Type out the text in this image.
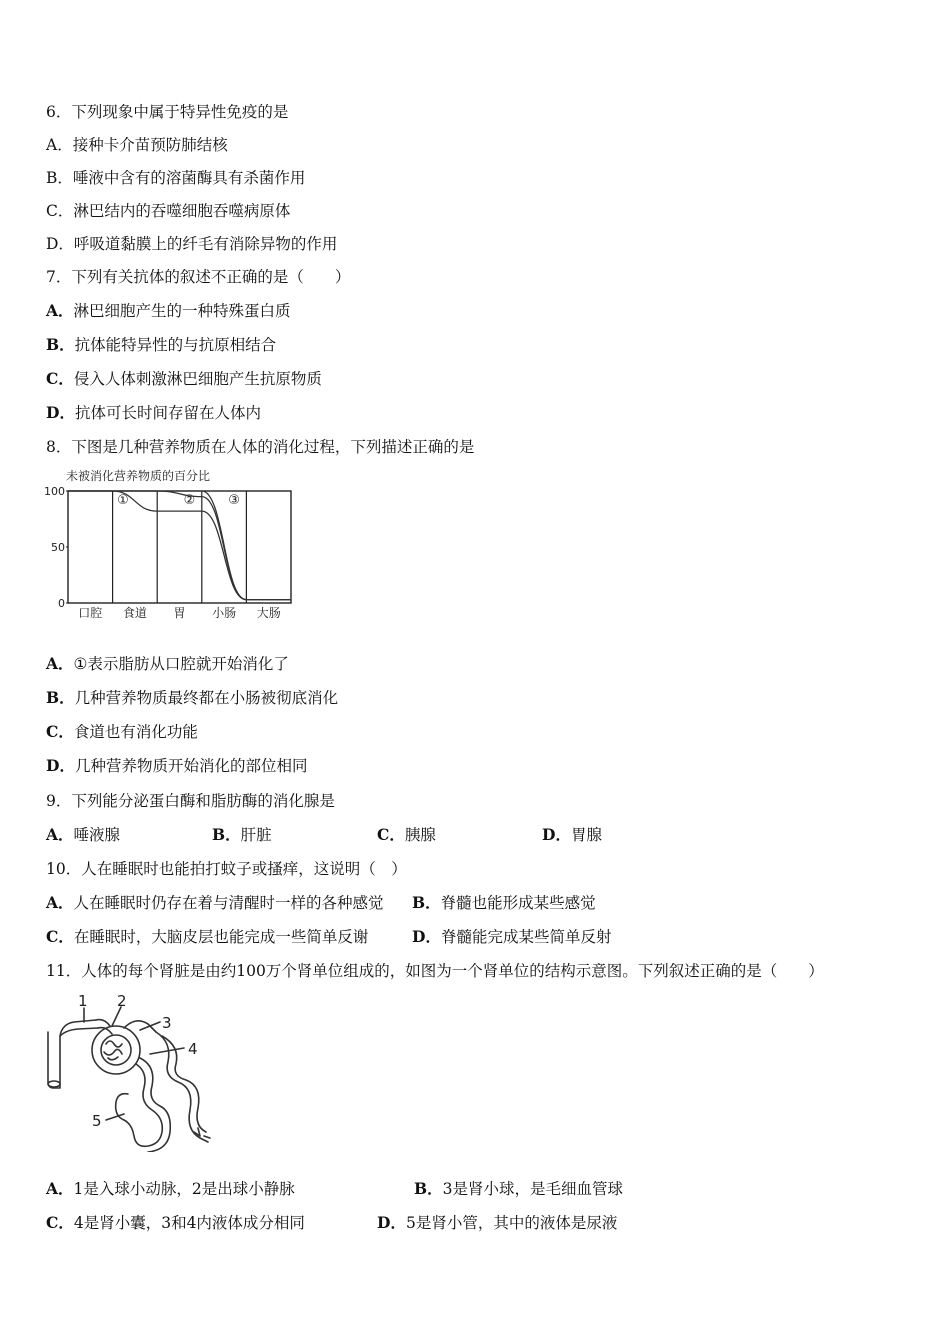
6．下列现象中属于特异性免疫的是
A．接种卡介苗预防肺结核
B．唾液中含有的溶菌酶具有杀菌作用
C．淋巴结内的吞噬细胞吞噬病原体
D．呼吸道黏膜上的纤毛有消除异物的作用
7．下列有关抗体的叙述不正确的是（　　）
A．淋巴细胞产生的一种特殊蛋白质
B．抗体能特异性的与抗原相结合
C．侵入人体刺激淋巴细胞产生抗原物质
D．抗体可长时间存留在人体内
8．下图是几种营养物质在人体的消化过程，下列描述正确的是
未被消化营养物质的百分比
100
50
0
口腔 食道 胃 小肠 大肠
①	②	③
A．①表示脂肪从口腔就开始消化了
B．几种营养物质最终都在小肠被彻底消化
C．食道也有消化功能
D．几种营养物质开始消化的部位相同
9．下列能分泌蛋白酶和脂肪酶的消化腺是
A．唾液腺	B．肝脏	C．胰腺	D．胃腺
10．人在睡眠时也能拍打蚊子或搔痒，这说明（　）
A．人在睡眠时仍存在着与清醒时一样的各种感觉 B．脊髓也能形成某些感觉
C．在睡眠时，大脑皮层也能完成一些简单反谢	D．脊髓能完成某些简单反射
11．人体的每个肾脏是由约100万个肾单位组成的，如图为一个肾单位的结构示意图。下列叙述正确的是（　　）
1 2
3
4
5
A．1是入球小动脉，2是出球小静脉	B．3是肾小球，是毛细血管球
C．4是肾小囊，3和4内液体成分相同	D．5是肾小管，其中的液体是尿液
